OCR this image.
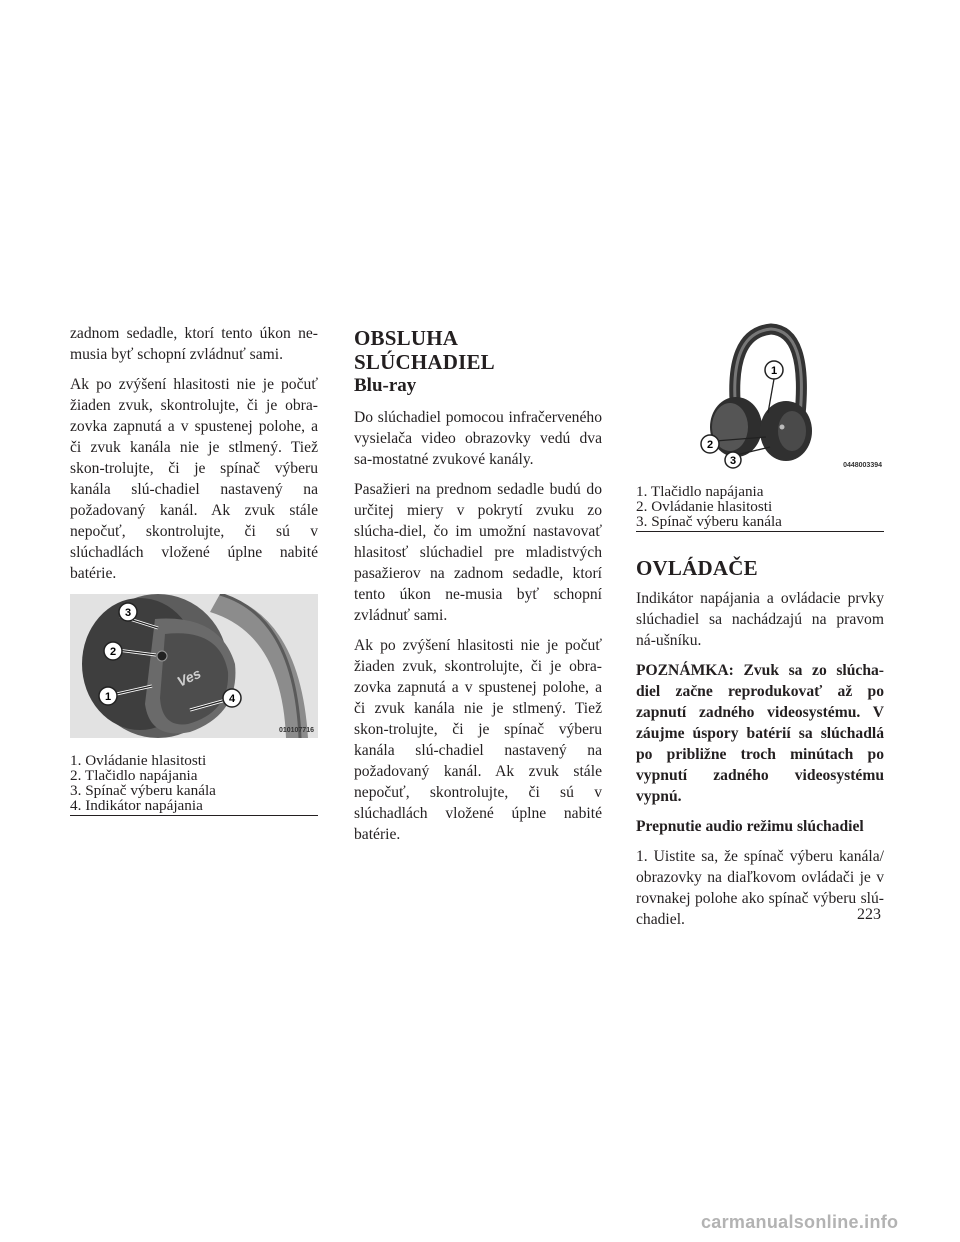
zadnom sedadle, ktorí tento úkon ne-musia byť schopní zvládnuť sami.

Ak po zvýšení hlasitosti nie je počuť žiaden zvuk, skontrolujte, či je obra-zovka zapnutá a v spustenej polohe, a či zvuk kanála nie je stlmený. Tiež skon-trolujte, či je spínač výberu kanála slú-chadiel nastavený na požadovaný kanál. Ak zvuk stále nepočuť, skontrolujte, či sú v slúchadlách vložené úplne nabité batérie.

Ves
3
2
1	4
010107716
1. Ovládanie hlasitosti
2. Tlačidlo napájania
3. Spínač výberu kanála
4. Indikátor napájania
OBSLUHA SLÚCHADIEL
Blu-ray

Do slúchadiel pomocou infračerveného vysielača video obrazovky vedú dva sa-mostatné zvukové kanály.

Pasažieri na prednom sedadle budú do určitej miery v pokrytí zvuku zo slúcha-diel, čo im umožní nastavovať hlasitosť slúchadiel pre mladistvých pasažierov na zadnom sedadle, ktorí tento úkon ne-musia byť schopní zvládnuť sami.

Ak po zvýšení hlasitosti nie je počuť žiaden zvuk, skontrolujte, či je obra-zovka zapnutá a v spustenej polohe, a či zvuk kanála nie je stlmený. Tiež skon-trolujte, či je spínač výberu kanála slú-chadiel nastavený na požadovaný kanál. Ak zvuk stále nepočuť, skontrolujte, či sú v slúchadlách vložené úplne nabité batérie.

1
2
3	0448003394
1. Tlačidlo napájania
2. Ovládanie hlasitosti
3. Spínač výberu kanála
OVLÁDAČE

Indikátor napájania a ovládacie prvky slúchadiel sa nachádzajú na pravom ná-ušníku.

POZNÁMKA: Zvuk sa zo slúcha-diel začne reprodukovať až po zapnutí zadného videosystému. V záujme úspory batérií sa slúchadlá po približne troch minútach po vypnutí zadného videosystému vypnú.

Prepnutie audio režimu slúchadiel

1. Uistite sa, že spínač výberu kanála/ obrazovky na diaľkovom ovládači je v rovnakej polohe ako spínač výberu slú-chadiel.	223
carmanualsonline.info
